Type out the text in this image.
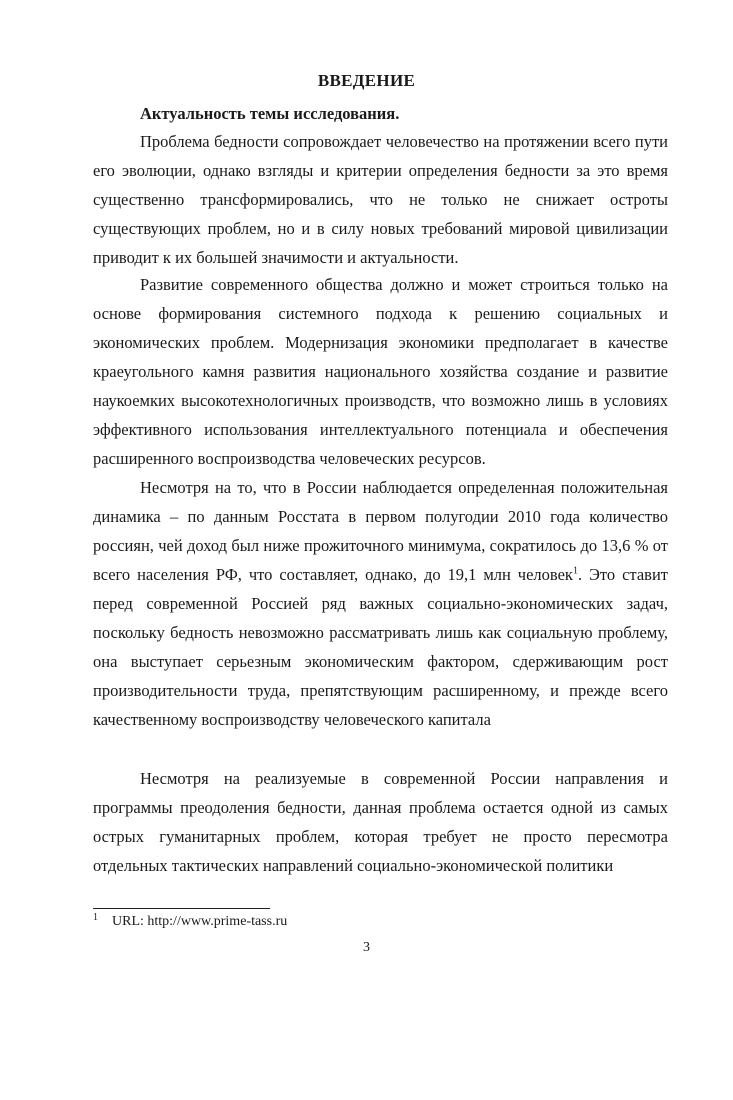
ВВЕДЕНИЕ
Актуальность темы исследования.

Проблема бедности сопровождает человечество на протяжении всего пути его эволюции, однако взгляды и критерии определения бедности за это время существенно трансформировались, что не только не снижает остроты существующих проблем, но и в силу новых требований мировой цивилизации приводит к их большей значимости и актуальности.

Развитие современного общества должно и может строиться только на основе формирования системного подхода к решению социальных и экономических проблем. Модернизация экономики предполагает в качестве краеугольного камня развития национального хозяйства создание и развитие наукоемких высокотехнологичных производств, что возможно лишь в условиях эффективного использования интеллектуального потенциала и обеспечения расширенного воспроизводства человеческих ресурсов.

Несмотря на то, что в России наблюдается определенная положительная динамика – по данным Росстата в первом полугодии 2010 года количество россиян, чей доход был ниже прожиточного минимума, сократилось до 13,6 % от всего населения РФ, что составляет, однако, до 19,1 млн человек$^1$. Это ставит перед современной Россией ряд важных социально-экономических задач, поскольку бедность невозможно рассматривать лишь как социальную проблему, она выступает серьезным экономическим фактором, сдерживающим рост производительности труда, препятствующим расширенному, и прежде всего качественному воспроизводству человеческого капитала

Несмотря на реализуемые в современной России направления и программы преодоления бедности, данная проблема остается одной из самых острых гуманитарных проблем, которая требует не просто пересмотра отдельных тактических направлений социально-экономической политики

$^1$ URL: http://www.prime-tass.ru
3
